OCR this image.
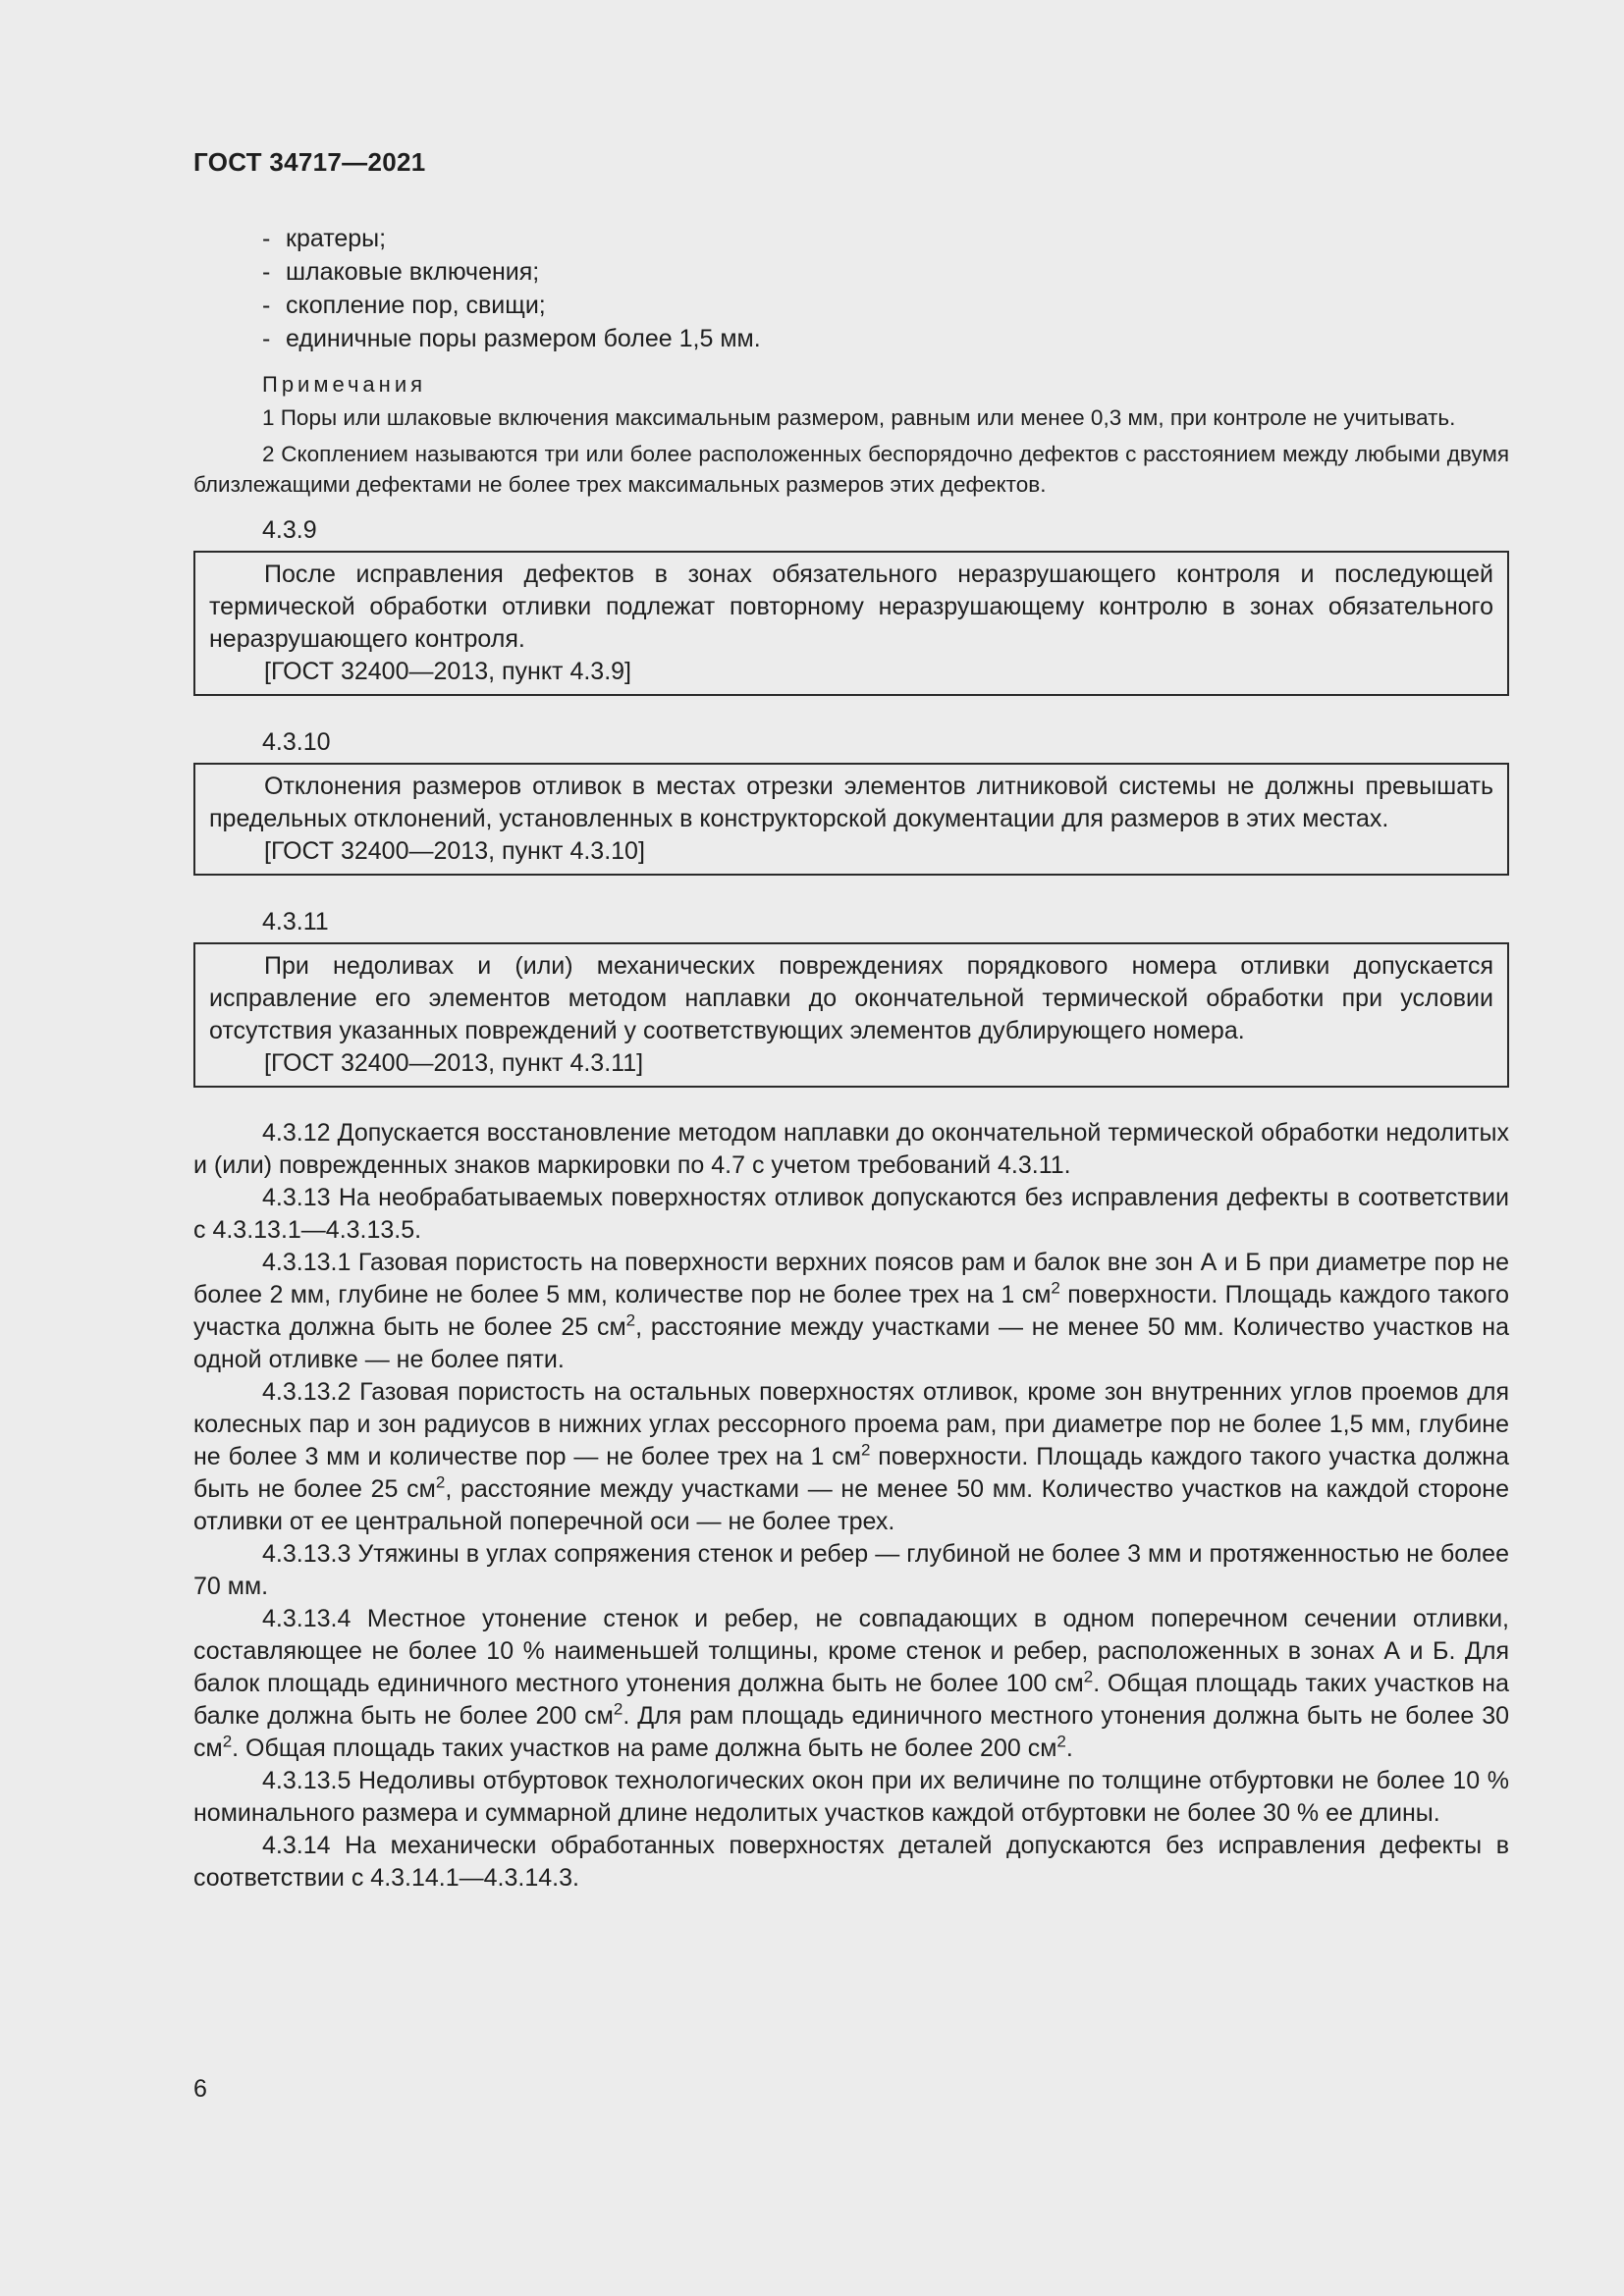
ГОСТ 34717—2021
- кратеры;
- шлаковые включения;
- скопление пор, свищи;
- единичные поры размером более 1,5 мм.
Примечания

1 Поры или шлаковые включения максимальным размером, равным или менее 0,3 мм, при контроле не учитывать.

2 Скоплением называются три или более расположенных беспорядочно дефектов с расстоянием между любыми двумя близлежащими дефектами не более трех максимальных размеров этих дефектов.

4.3.9

После исправления дефектов в зонах обязательного неразрушающего контроля и последующей термической обработки отливки подлежат повторному неразрушающему контролю в зонах обязательного неразрушающего контроля.

[ГОСТ 32400—2013, пункт 4.3.9]

4.3.10

Отклонения размеров отливок в местах отрезки элементов литниковой системы не должны превышать предельных отклонений, установленных в конструкторской документации для размеров в этих местах.

[ГОСТ 32400—2013, пункт 4.3.10]

4.3.11

При недоливах и (или) механических повреждениях порядкового номера отливки допускается исправление его элементов методом наплавки до окончательной термической обработки при условии отсутствия указанных повреждений у соответствующих элементов дублирующего номера.

[ГОСТ 32400—2013, пункт 4.3.11]

4.3.12 Допускается восстановление методом наплавки до окончательной термической обработки недолитых и (или) поврежденных знаков маркировки по 4.7 с учетом требований 4.3.11.

4.3.13 На необрабатываемых поверхностях отливок допускаются без исправления дефекты в соответствии с 4.3.13.1—4.3.13.5.

4.3.13.1 Газовая пористость на поверхности верхних поясов рам и балок вне зон А и Б при диаметре пор не более 2 мм, глубине не более 5 мм, количестве пор не более трех на 1 $см^2$ поверхности. Площадь каждого такого участка должна быть не более 25 $см^2$, расстояние между участками — не менее 50 мм. Количество участков на одной отливке — не более пяти.

4.3.13.2 Газовая пористость на остальных поверхностях отливок, кроме зон внутренних углов проемов для колесных пар и зон радиусов в нижних углах рессорного проема рам, при диаметре пор не более 1,5 мм, глубине не более 3 мм и количестве пор — не более трех на 1 $см^2$ поверхности. Площадь каждого такого участка должна быть не более 25 $см^2$, расстояние между участками — не менее 50 мм. Количество участков на каждой стороне отливки от ее центральной поперечной оси — не более трех.

4.3.13.3 Утяжины в углах сопряжения стенок и ребер — глубиной не более 3 мм и протяженностью не более 70 мм.

4.3.13.4 Местное утонение стенок и ребер, не совпадающих в одном поперечном сечении отливки, составляющее не более 10 % наименьшей толщины, кроме стенок и ребер, расположенных в зонах А и Б. Для балок площадь единичного местного утонения должна быть не более 100 $см^2$. Общая площадь таких участков на балке должна быть не более 200 $см^2$. Для рам площадь единичного местного утонения должна быть не более 30 $см^2$. Общая площадь таких участков на раме должна быть не более 200 $см^2$.

4.3.13.5 Недоливы отбуртовок технологических окон при их величине по толщине отбуртовки не более 10 % номинального размера и суммарной длине недолитых участков каждой отбуртовки не более 30 % ее длины.

4.3.14 На механически обработанных поверхностях деталей допускаются без исправления дефекты в соответствии с 4.3.14.1—4.3.14.3.

6
